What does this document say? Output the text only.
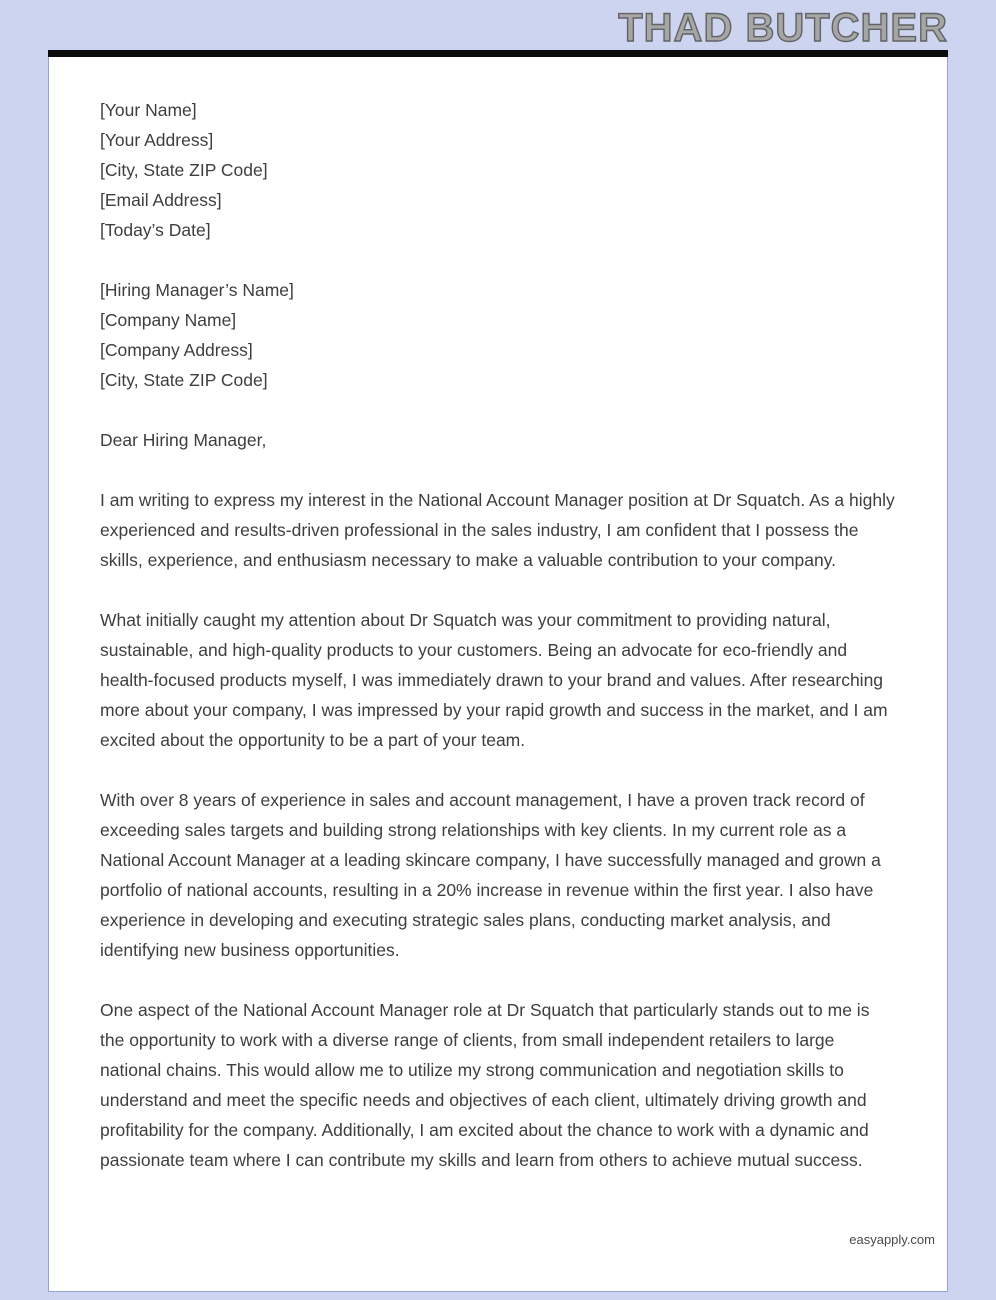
THAD BUTCHER
[Your Name]
[Your Address]
[City, State ZIP Code]
[Email Address]
[Today’s Date]
[Hiring Manager’s Name]
[Company Name]
[Company Address]
[City, State ZIP Code]
Dear Hiring Manager,

I am writing to express my interest in the National Account Manager position at Dr Squatch. As a highly experienced and results-driven professional in the sales industry, I am confident that I possess the skills, experience, and enthusiasm necessary to make a valuable contribution to your company.

What initially caught my attention about Dr Squatch was your commitment to providing natural, sustainable, and high-quality products to your customers. Being an advocate for eco-friendly and health-focused products myself, I was immediately drawn to your brand and values. After researching more about your company, I was impressed by your rapid growth and success in the market, and I am excited about the opportunity to be a part of your team.

With over 8 years of experience in sales and account management, I have a proven track record of exceeding sales targets and building strong relationships with key clients. In my current role as a National Account Manager at a leading skincare company, I have successfully managed and grown a portfolio of national accounts, resulting in a 20% increase in revenue within the first year. I also have experience in developing and executing strategic sales plans, conducting market analysis, and identifying new business opportunities.

One aspect of the National Account Manager role at Dr Squatch that particularly stands out to me is the opportunity to work with a diverse range of clients, from small independent retailers to large national chains. This would allow me to utilize my strong communication and negotiation skills to understand and meet the specific needs and objectives of each client, ultimately driving growth and profitability for the company. Additionally, I am excited about the chance to work with a dynamic and passionate team where I can contribute my skills and learn from others to achieve mutual success.

easyapply.com
